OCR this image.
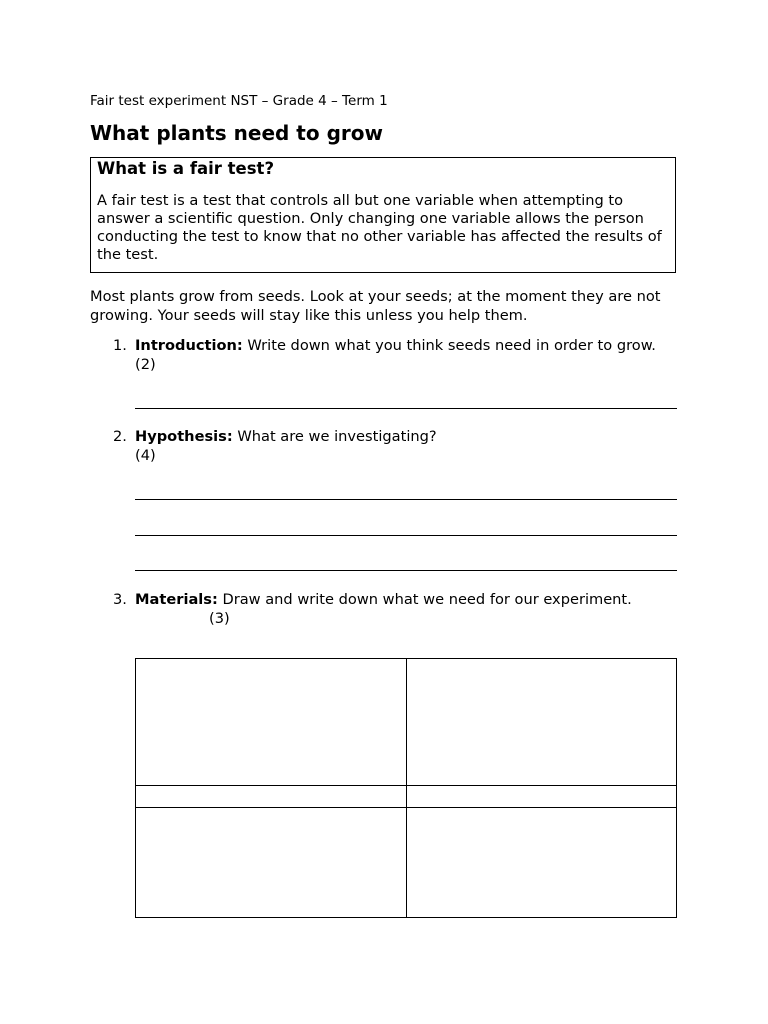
Fair test experiment NST – Grade 4 – Term 1
What plants need to grow
What is a fair test?
A fair test is a test that controls all but one variable when attempting to answer a scientific question. Only changing one variable allows the person conducting the test to know that no other variable has affected the results of the test.
Most plants grow from seeds. Look at your seeds; at the moment they are not growing. Your seeds will stay like this unless you help them.
1. Introduction: Write down what you think seeds need in order to grow.
(2)
2. Hypothesis: What are we investigating?
(4)
3. Materials: Draw and write down what we need for our experiment.
(3)
